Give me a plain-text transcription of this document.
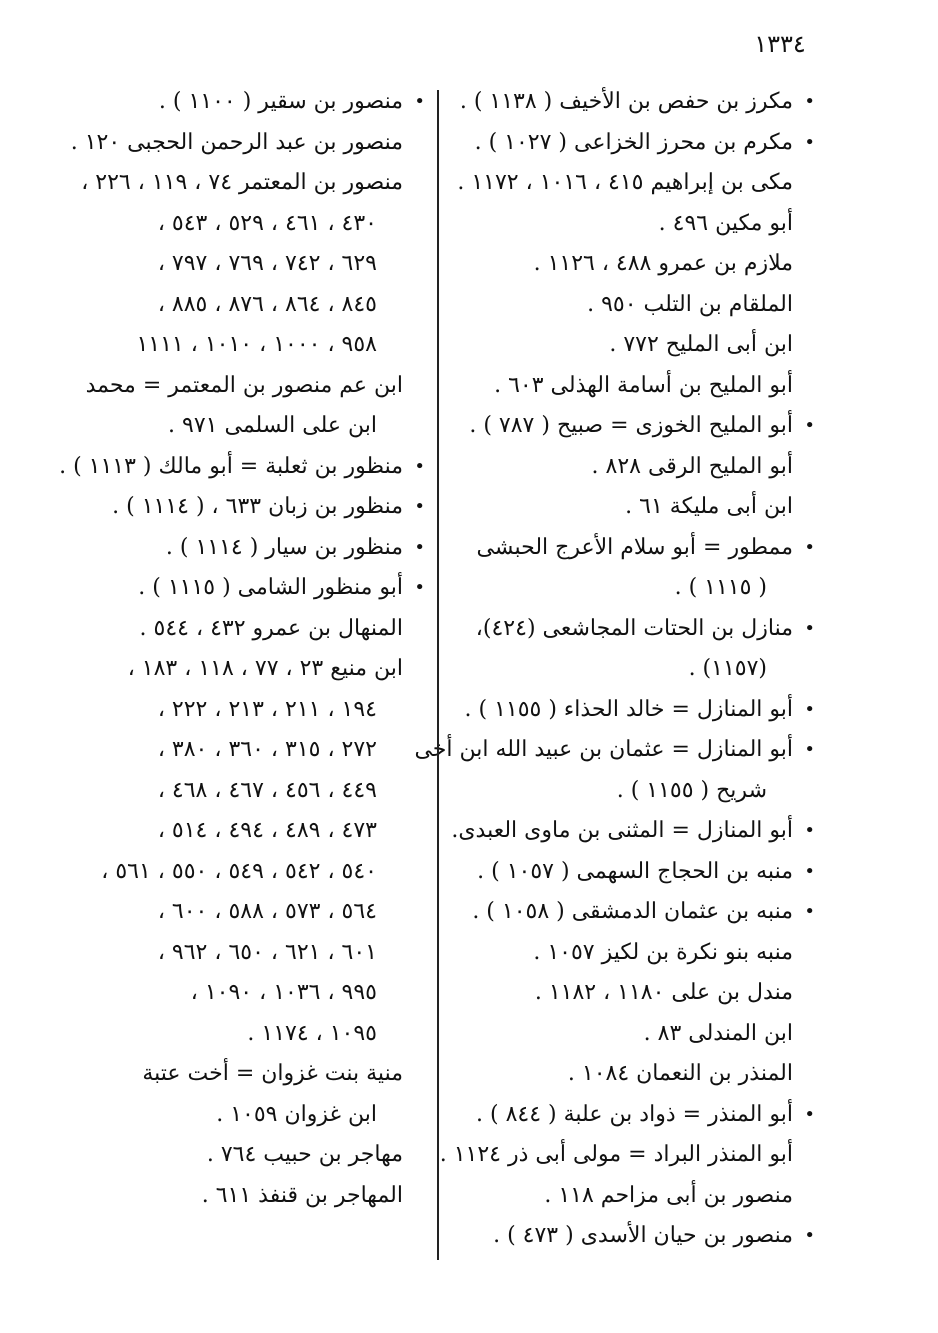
١٣٣٤
• مكرز بن حفص بن الأخيف ( ١١٣٨ ) .
• مكرم بن محرز الخزاعى ( ١٠٢٧ ) .
مكى بن إبراهيم ٤١٥ ، ١٠١٦ ، ١١٧٢ .
أبو مكين ٤٩٦ .
ملازم بن عمرو ٤٨٨ ، ١١٢٦ .
الملقام بن التلب ٩٥٠ .
ابن أبى المليح ٧٧٢ .
أبو المليح بن أسامة الهذلى ٦٠٣ .
• أبو المليح الخوزى = صبيح ( ٧٨٧ ) .
أبو المليح الرقى ٨٢٨ .
ابن أبى مليكة ٦١ .
• ممطور = أبو سلام الأعرج الحبشى
( ١١١٥ ) .
• منازل بن الحتات المجاشعى (٤٢٤)،
(١١٥٧) .
• أبو المنازل = خالد الحذاء ( ١١٥٥ ) .
• أبو المنازل = عثمان بن عبيد الله ابن أخى
شريح ( ١١٥٥ ) .
• أبو المنازل = المثنى بن ماوى العبدى.
• منبه بن الحجاج السهمى ( ١٠٥٧ ) .
• منبه بن عثمان الدمشقى ( ١٠٥٨ ) .
منبه بنو نكرة بن لكيز ١٠٥٧ .
مندل بن على ١١٨٠ ، ١١٨٢ .
ابن المندلى ٨٣ .
المنذر بن النعمان ١٠٨٤ .
• أبو المنذر = ذواد بن علبة ( ٨٤٤ ) .
أبو المنذر البراد = مولى أبى ذر ١١٢٤ .
منصور بن أبى مزاحم ١١٨ .
• منصور بن حيان الأسدى ( ٤٧٣ ) .
• منصور بن سقير ( ١١٠٠ ) .
منصور بن عبد الرحمن الحجبى ١٢٠ .
منصور بن المعتمر ٧٤ ، ١١٩ ، ٢٢٦ ،
٤٣٠ ، ٤٦١ ، ٥٢٩ ، ٥٤٣ ،
٦٢٩ ، ٧٤٢ ، ٧٦٩ ، ٧٩٧ ،
٨٤٥ ، ٨٦٤ ، ٨٧٦ ، ٨٨٥ ،
٩٥٨ ، ١٠٠٠ ، ١٠١٠ ، ١١١١
ابن عم منصور بن المعتمر = محمد
ابن على السلمى ٩٧١ .
• منظور بن ثعلبة = أبو مالك ( ١١١٣ ) .
• منظور بن زبان ٦٣٣ ، ( ١١١٤ ) .
• منظور بن سيار ( ١١١٤ ) .
• أبو منظور الشامى ( ١١١٥ ) .
المنهال بن عمرو ٤٣٢ ، ٥٤٤ .
ابن منيع ٢٣ ، ٧٧ ، ١١٨ ، ١٨٣ ،
١٩٤ ، ٢١١ ، ٢١٣ ، ٢٢٢ ،
٢٧٢ ، ٣١٥ ، ٣٦٠ ، ٣٨٠ ،
٤٤٩ ، ٤٥٦ ، ٤٦٧ ، ٤٦٨ ،
٤٧٣ ، ٤٨٩ ، ٤٩٤ ، ٥١٤ ،
٥٤٠ ، ٥٤٢ ، ٥٤٩ ، ٥٥٠ ، ٥٦١ ،
٥٦٤ ، ٥٧٣ ، ٥٨٨ ، ٦٠٠ ،
٦٠١ ، ٦٢١ ، ٦٥٠ ، ٩٦٢ ،
٩٩٥ ، ١٠٣٦ ، ١٠٩٠ ،
١٠٩٥ ، ١١٧٤ .
منية بنت غزوان = أخت عتبة
ابن غزوان ١٠٥٩ .
مهاجر بن حبيب ٧٦٤ .
المهاجر بن قنفذ ٦١١ .
